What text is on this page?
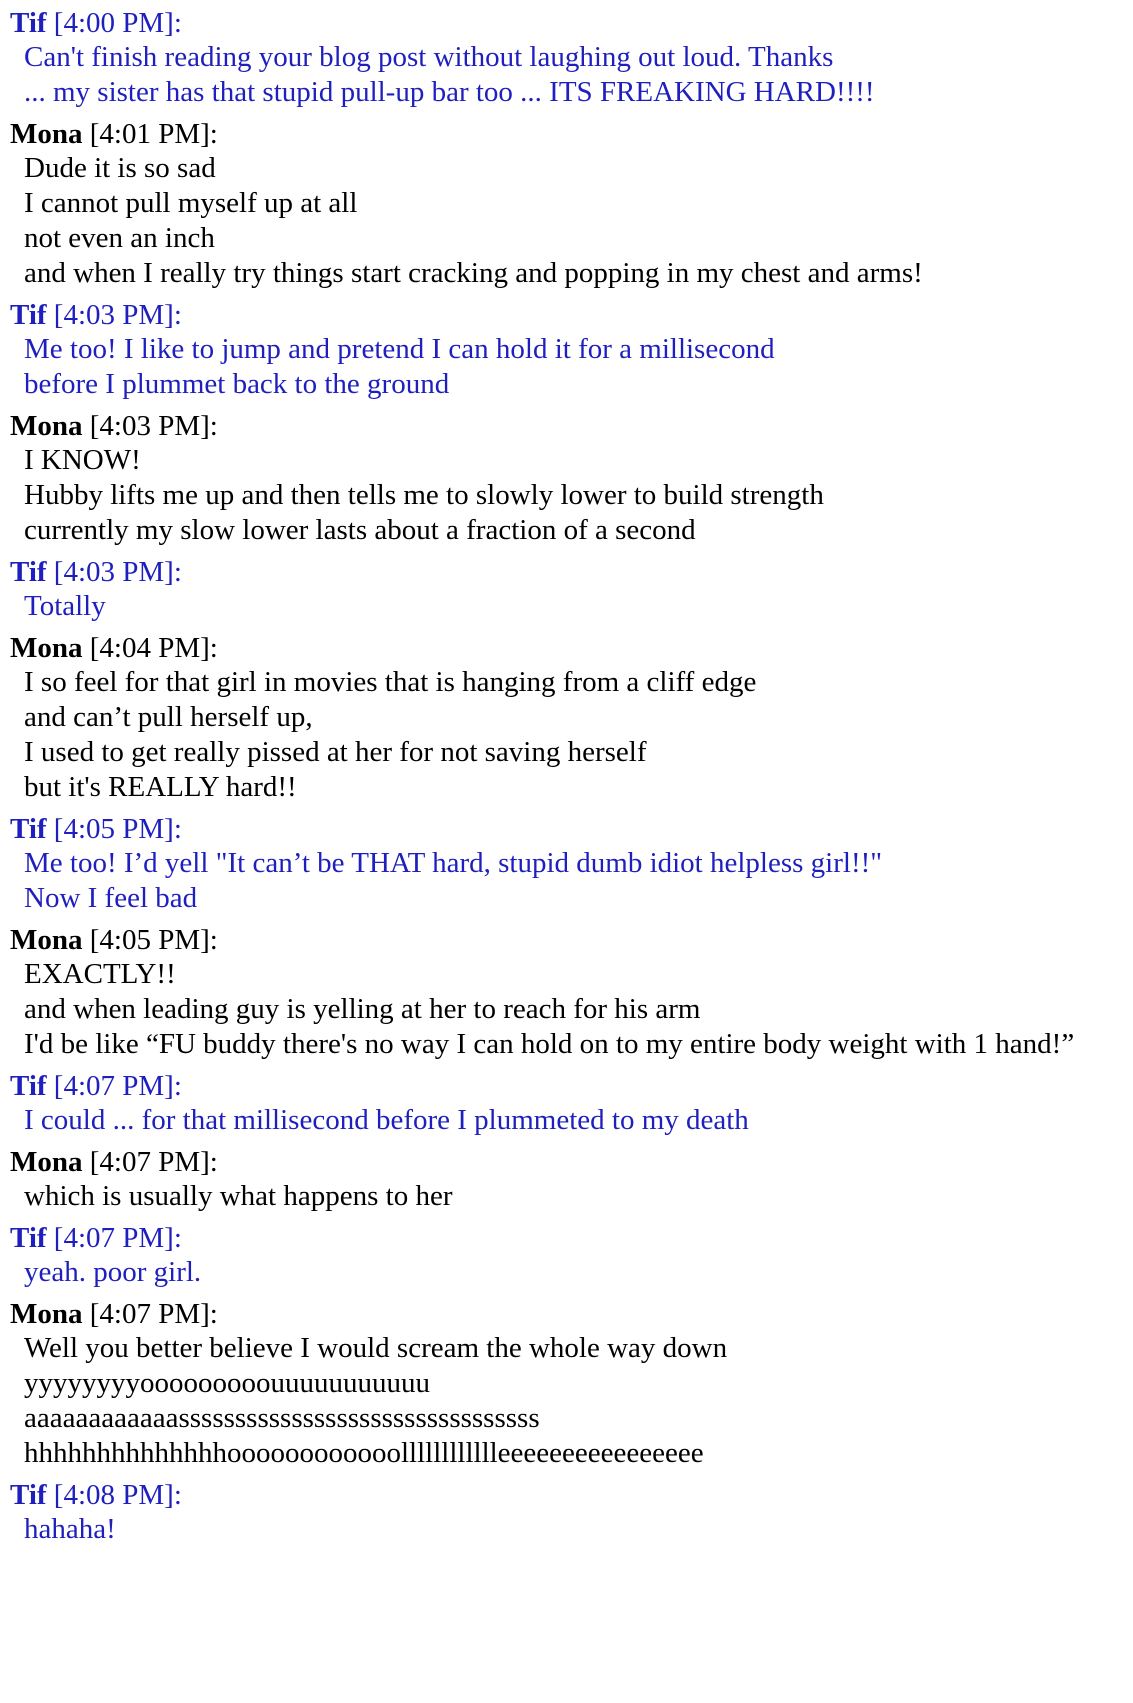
Tif [4:00 PM]:
Can't finish reading your blog post without laughing out loud. Thanks
... my sister has that stupid pull-up bar too ... ITS FREAKING HARD!!!!
Mona [4:01 PM]:
Dude it is so sad
I cannot pull myself up at all
not even an inch
and when I really try things start cracking and popping in my chest and arms!
Tif [4:03 PM]:
Me too! I like to jump and pretend I can hold it for a millisecond
before I plummet back to the ground
Mona [4:03 PM]:
I KNOW!
Hubby lifts me up and then tells me to slowly lower to build strength
currently my slow lower lasts about a fraction of a second
Tif [4:03 PM]:
Totally
Mona [4:04 PM]:
I so feel for that girl in movies that is hanging from a cliff edge
and can’t pull herself up,
I used to get really pissed at her for not saving herself
but it's REALLY hard!!
Tif [4:05 PM]:
Me too! I’d yell "It can’t be THAT hard, stupid dumb idiot helpless girl!!"
Now I feel bad
Mona [4:05 PM]:
EXACTLY!!
and when leading guy is yelling at her to reach for his arm
I'd be like “FU buddy there's no way I can hold on to my entire body weight with 1 hand!”
Tif [4:07 PM]:
I could ... for that millisecond before I plummeted to my death
Mona [4:07 PM]:
which is usually what happens to her
Tif [4:07 PM]:
yeah. poor girl.
Mona [4:07 PM]:
Well you better believe I would scream the whole way down
yyyyyyyyooooooooouuuuuuuuuuu
aaaaaaaaaaaassssssssssssssssssssssssssssssss
hhhhhhhhhhhhhhoooooooooooolllllllllllleeeeeeeeeeeeeeee
Tif [4:08 PM]:
hahaha!
